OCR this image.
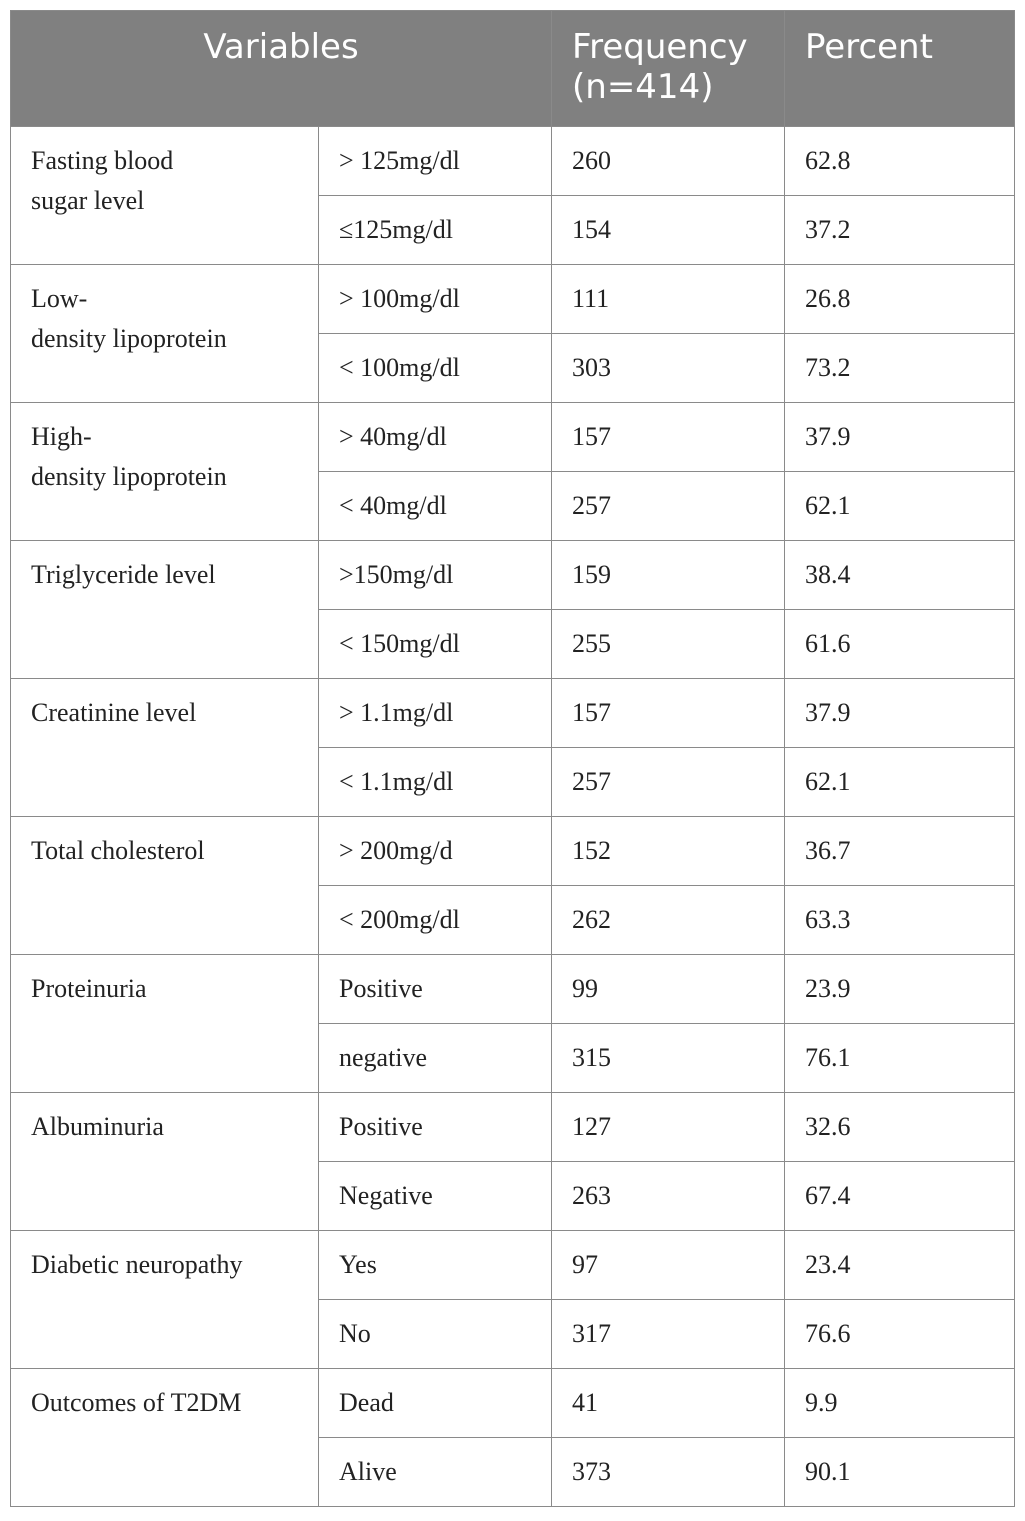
Variables		Frequency
(n=414)	Percent

Fasting blood
sugar level	> 125mg/dl	260	62.8
	≤125mg/dl	154	37.2

Low-
density lipoprotein	> 100mg/dl	111	26.8
	< 100mg/dl	303	73.2

High-
density lipoprotein	> 40mg/dl	157	37.9
	< 40mg/dl	257	62.1

Triglyceride level	>150mg/dl	159	38.4
	< 150mg/dl	255	61.6

Creatinine level	> 1.1mg/dl	157	37.9
	< 1.1mg/dl	257	62.1

Total cholesterol	> 200mg/d	152	36.7
	< 200mg/dl	262	63.3

Proteinuria	Positive	99	23.9
	negative	315	76.1

Albuminuria	Positive	127	32.6
	Negative	263	67.4

Diabetic neuropathy	Yes	97	23.4
	No	317	76.6

Outcomes of T2DM	Dead	41	9.9
	Alive	373	90.1
